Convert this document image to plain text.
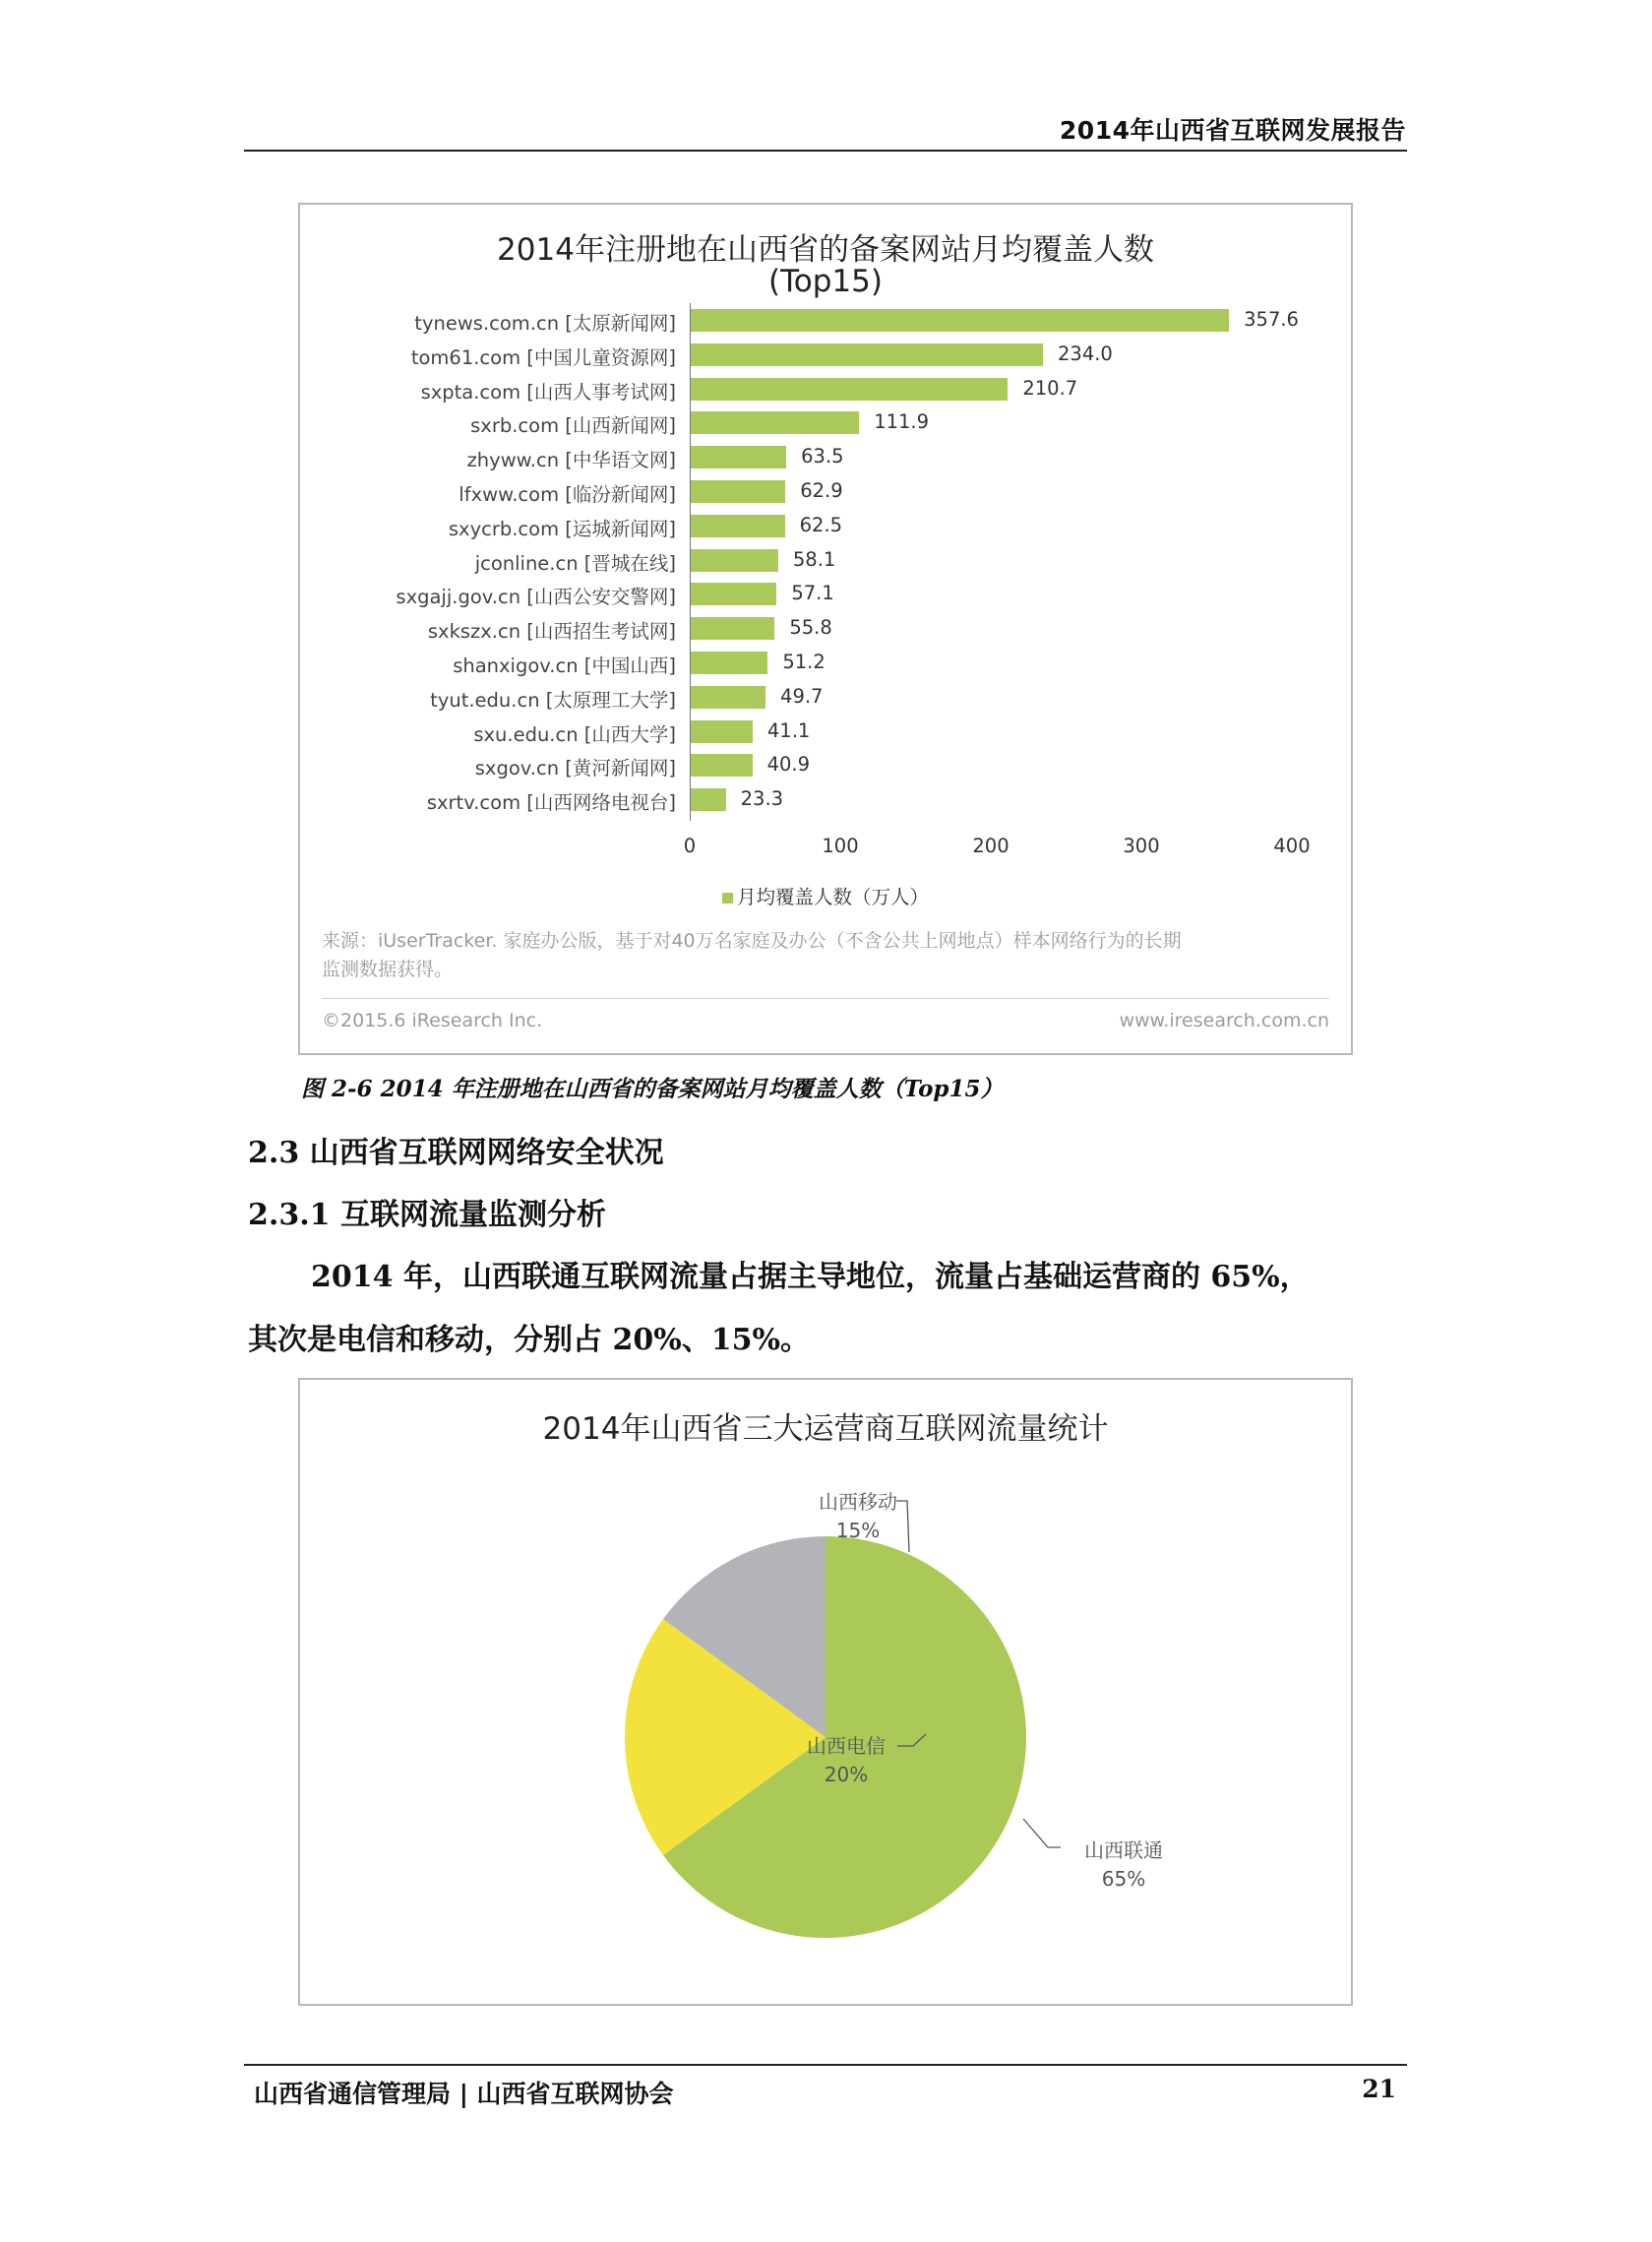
2014年山西省互联网发展报告
2014年注册地在山西省的备案网站月均覆盖人数
(Top15)
tynews.com.cn [太原新闻网]	357.6
tom61.com [中国儿童资源网]	234.0
sxpta.com [山西人事考试网]	210.7
sxrb.com [山西新闻网]	111.9
zhyww.cn [中华语文网]	63.5
lfxww.com [临汾新闻网]	62.9
sxycrb.com [运城新闻网]	62.5
jconline.cn [晋城在线]	58.1
sxgajj.gov.cn [山西公安交警网]	57.1
sxkszx.cn [山西招生考试网]	55.8
shanxigov.cn [中国山西]	51.2
tyut.edu.cn [太原理工大学]	49.7
sxu.edu.cn [山西大学]	41.1
sxgov.cn [黄河新闻网]	40.9
sxrtv.com [山西网络电视台]	23.3
0	100	200	300	400
月均覆盖人数（万人）
来源：iUserTracker. 家庭办公版，基于对40万名家庭及办公（不含公共上网地点）样本网络行为的长期
监测数据获得。
©2015.6 iResearch Inc.	www.iresearch.com.cn
图 2-6 2014 年注册地在山西省的备案网站月均覆盖人数（Top15）
2.3 山西省互联网网络安全状况
2.3.1 互联网流量监测分析
2014 年，山西联通互联网流量占据主导地位，流量占基础运营商的 65%，
其次是电信和移动，分别占 20%、15%。
2014年山西省三大运营商互联网流量统计
山西移动
15%
山西电信
20%
山西联通
65%
山西省通信管理局 | 山西省互联网协会	21
